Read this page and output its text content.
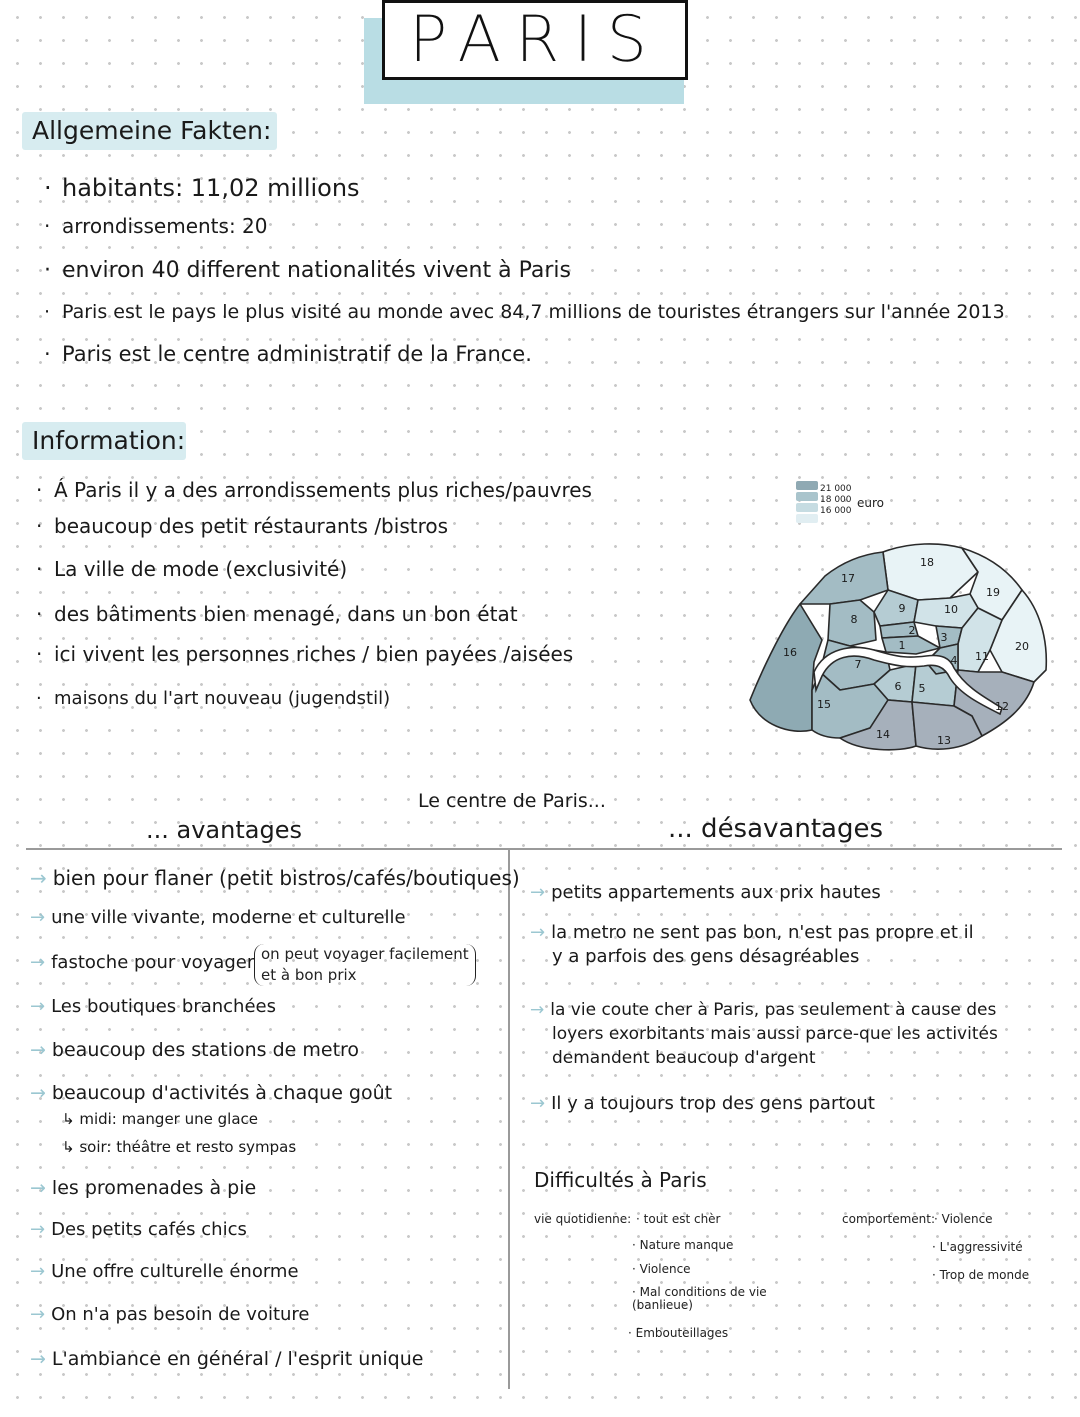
PARIS
Allgemeine Fakten:
· habitants: 11,02 millions
· arrondissements: 20
· environ 40 different nationalités vivent à Paris
· Paris est le pays le plus visité au monde avec 84,7 millions de touristes étrangers sur l'année 2013
· Paris est le centre administratif de la France.
Information:
· Á Paris il y a des arrondissements plus riches/pauvres
· beaucoup des petit réstaurants /bistros
· La ville de mode (exclusivité)
· des bâtiments bien menagé, dans un bon état
· ici vivent les personnes riches / bien payées /aisées
· maisons du l'art nouveau (jugendstil)
21 000
18 000
16 000
euro
18
17
19
8
9	10
2
3
1
4 11
20
16
7
6 5
15
14	13
12
Le centre de Paris...
... avantages	... désavantages
→ bien pour flaner (petit bistros/cafés/boutiques)
→ une ville vivante, moderne et culturelle
→ fastoche pour voyager on peut voyager facilement
et à bon prix
→ Les boutiques branchées
→ beaucoup des stations de metro
→ beaucoup d'activités à chaque goût
↳ midi: manger une glace
↳ soir: théâtre et resto sympas
→ les promenades à pie
→ Des petits cafés chics
→ Une offre culturelle énorme
→ On n'a pas besoin de voiture
→ L'ambiance en général / l'esprit unique
→ petits appartements aux prix hautes
→ la metro ne sent pas bon, n'est pas propre et il
y a parfois des gens désagréables
→ la vie coute cher à Paris, pas seulement à cause des
loyers exorbitants mais aussi parce-que les activités
demandent beaucoup d'argent
→ Il y a toujours trop des gens partout
Difficultés à Paris
vie quotidienne: · tout est chèr
· Nature manque
· Violence
· Mal conditions de vie (banlieue)
· Embouteillages
comportement:
· Violence
· L'aggressivité
· Trop de monde
